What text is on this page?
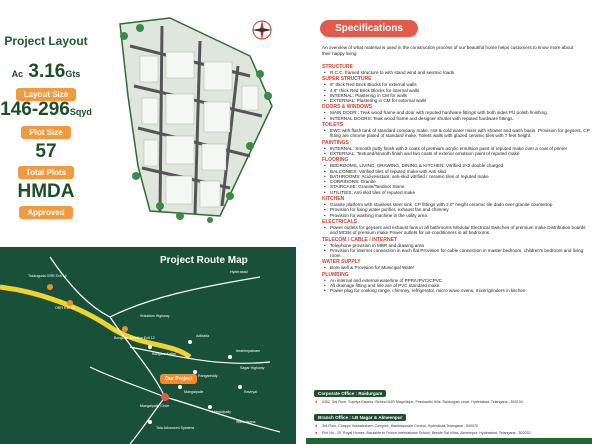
Project Layout
Ac 3.16Gts
Layout Size
146-296Sqyd
Plot Size
57
Total Plots
HMDA
Approved
Tukkuguda ORR Exit 14
ORR Exit 15
Bongloor Junction Exit 12
Hyderabad
Adibatla
Ibrahimpatnam
Sagar Highway
Srisailam Highway
Kongara Kalan
Rangareddy
Mangalpalle	Raviryal
Mamidipally
Wave Arena
Tata Advanced Systems
Mangalpally Circle
Project Route Map
Our Project
Specifications
An overview of what material is used in the construction process of our beautiful home helps customers to know more about their happy living
STRUCTURE
• R.C.C. framed structure to with stand wind and seismic loads
SUPER STRUCTURE
• 9" thick Red Brick Blocks for external walls
• 4.6" thick Red Brick Blocks for internal walls
• INTERNAL: Plastering in CM for walls
• EXTERNAL: Plastering in CM for external walls
DOORS & WINDOWS
• MAIN DOOR : Teak wood frame and door with reputed hardware fittings with both sides PU polish finishing.
• INTERNAL DOORS: Teak wood frame and designer shutter with reputed hardware fittings.
TOILETS
• EWC with flush tank of standard company make. Hot & cold water mixer with shower and wash basin. Provision for geysers, CP fitting are chrome plated of standard make. Toilets walls with glazed ceramic tiles with 7 feet height.
PAINTINGS
• INTERNAL: Smooth putty finish with 2 coats of premium acrylic emulsion paint of reputed make over a coat of primer
• EXTERNAL: Textured/smooth finish and two coats of exterior emulsion paint of reputed make
FLOORING
• BEDROOMS, LIVING, DRAWING, DINING & KITCHEN: Vitrified 2×2 double charged
• BALCONIES: Vitrified tiles of reputed make with Anti skid
• BATHROOMS: Acid-resistant, anti-skid vitrified / ceramic tiles of reputed make
• CORRIDORS: Granite
• STAIRCASE: Granite/Tandoor Stone
• UTILITIES: Anti skid tiles of reputed make
KITCHEN
• Granite platform with stainless steel sink, CP fittings with 2.0" height ceramic tile dado over granite countertop
• Provision for fixing water purifier, exhaust fan and chimney
• Provision for washing machine in the utility area
ELECTRICALS
• Power outlets for geysers and exhaust fans in all bathrooms Modular Electrical Switches of premium make Distribution boards and MCBs of premium make Power outlets for air-conditioners in all bedrooms
TELECOM / CABLE / INTERNET
• Telephone provision in MBR and drawing area
• Provision for internet connection in each flat Provision for cable connection in master bedroom, children's bedroom and living room
WATER SUPPLY
• Bore well & Provision for Municipal Water
PLUMBING
• An internal and external waterline of PPR/UPVC/CPVC.
• All drainage fitting and line are of PVC standard make.
• Power plug for cooking range, chimney, refrigerator, micro wave ovens, mixer/grinders in kitchen
Corporate Office : Raidurgam
● #302, 3rd Floor, Supriya Estates, Behind MJR Magnifique, Prashanthi Hills, Raidurgam circle, Hyderabad, Telangana - 500104.
Branch Office : LB Nagar & Almeenpur
● 3rd Floor, Chappu Venkateshem Complex, Hastinapuram Central, Hyderabad,Telangana - 500070
● Plot No - 25, Royal Homes, Backside to Fusion International School, Beside Sai Villas, Almeenpur, Hyderabad, Telangana - 502032.
